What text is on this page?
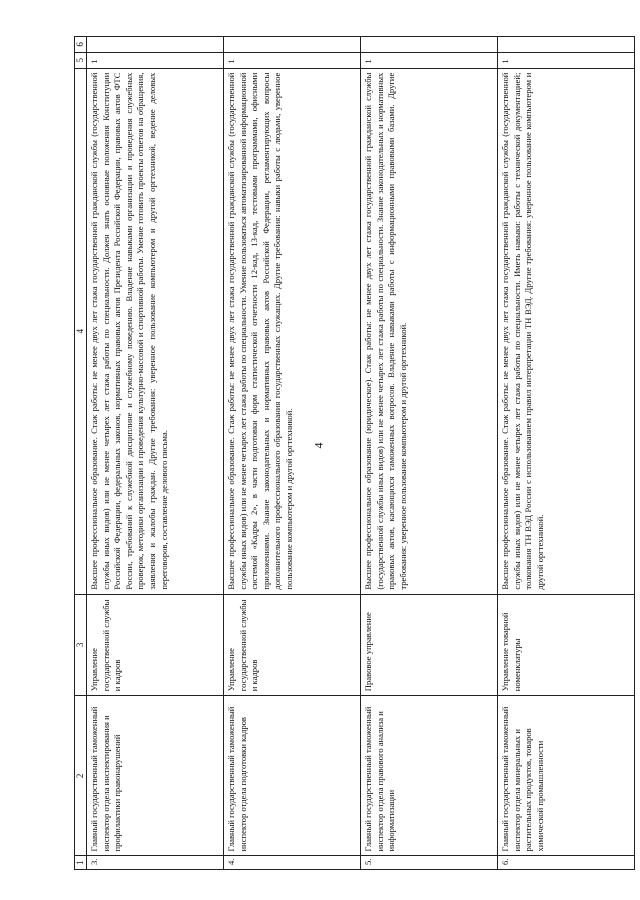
4
1	2	3	4	5	6
3.	Главный государственный таможенный инспектор отдела инспектирования и профилактики правонарушений	Управление государственной службы и кадров	Высшее профессиональное образование. Стаж работы: не менее двух лет стажа государственной гражданской службы (государственной службы иных видов) или не менее четырех лет стажа работы по специальности. Должен знать основные положения Конституции Российской Федерации, федеральных законов, нормативных правовых актов Президента Российской Федерации, правовых актов ФТС России, требований к служебной дисциплине и служебному поведению. Владение навыками организации и проведения служебных проверок, методики организации и проведения культурно-массовой и спортивной работы. Умение готовить проекты ответов на обращения, заявления и жалобы граждан. Другие требования: уверенное пользование компьютером и другой оргтехникой, ведение деловых переговоров, составление делового письма.	1	
4.	Главный государственный таможенный инспектор отдела подготовки кадров	Управление государственной службы и кадров	Высшее профессиональное образование. Стаж работы: не менее двух лет стажа государственной гражданской службы (государственной службы иных видов) или не менее четырех лет стажа работы по специальности. Умение пользоваться автоматизированной информационной системой «Кадры 2», в части подготовки форм статистической отчетности 12-кад, 13-кад, тестовыми программами, офисными приложениями. Знание законодательных и нормативных правовых актов Российской Федерации, регламентирующих вопросы дополнительного профессионального образования государственных служащих. Другие требования: навыки работы с людьми, уверенное пользование компьютером и другой оргтехникой.	1	
5.	Главный государственный таможенный инспектор отдела правового анализа и информатизации	Правовое управление	Высшее профессиональное образование (юридическое). Стаж работы: не менее двух лет стажа государственной гражданской службы (государственной службы иных видов) или не менее четырех лет стажа работы по специальности. Знание законодательных и нормативных правовых актов, касающихся таможенных вопросов. Владение навыками работы с информационными правовыми базами. Другие требования: уверенное пользование компьютером и другой оргтехникой.	1	
6.	Главный государственный таможенный инспектор отдела минеральных и растительных продуктов, товаров химической промышленности	Управление товарной номенклатуры	Высшее профессиональное образование. Стаж работы: не менее двух лет стажа государственной гражданской службы (государственной службы иных видов) или не менее четырех лет стажа работы по специальности. Иметь навыки: работы с технической документацией; толкования ТН ВЭД России с использованием правил интерпретации ТН ВЭД. Другие требования: уверенное пользование компьютером и другой оргтехникой.	1	
